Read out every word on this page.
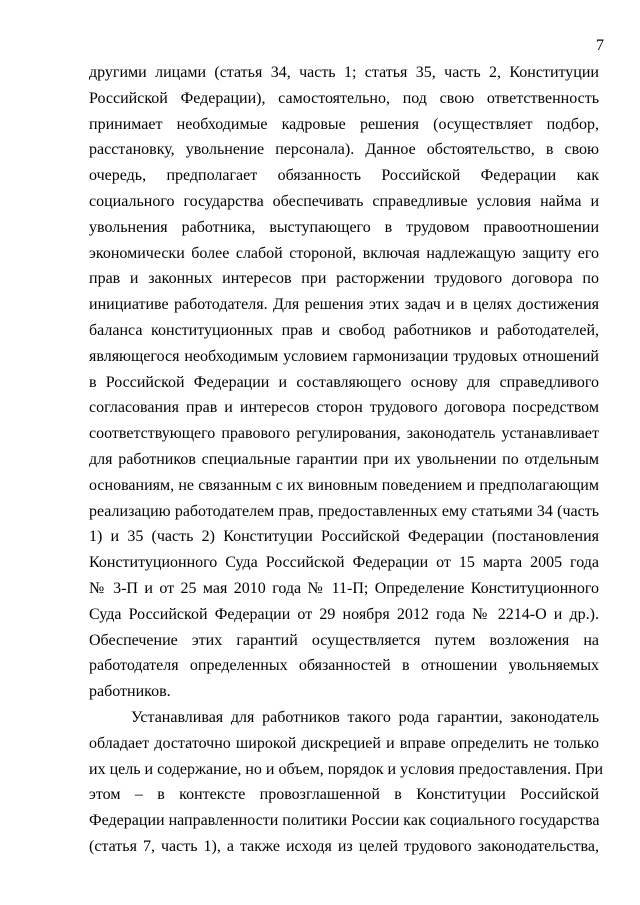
7
другими лицами (статья 34, часть 1; статья 35, часть 2, Конституции
Российской Федерации), самостоятельно, под свою ответственность
принимает необходимые кадровые решения (осуществляет подбор,
расстановку, увольнение персонала). Данное обстоятельство, в свою
очередь, предполагает обязанность Российской Федерации как
социального государства обеспечивать справедливые условия найма и
увольнения работника, выступающего в трудовом правоотношении
экономически более слабой стороной, включая надлежащую защиту его
прав и законных интересов при расторжении трудового договора по
инициативе работодателя. Для решения этих задач и в целях достижения
баланса конституционных прав и свобод работников и работодателей,
являющегося необходимым условием гармонизации трудовых отношений
в Российской Федерации и составляющего основу для справедливого
согласования прав и интересов сторон трудового договора посредством
соответствующего правового регулирования, законодатель устанавливает
для работников специальные гарантии при их увольнении по отдельным
основаниям, не связанным с их виновным поведением и предполагающим
реализацию работодателем прав, предоставленных ему статьями 34 (часть
1) и 35 (часть 2) Конституции Российской Федерации (постановления
Конституционного Суда Российской Федерации от 15 марта 2005 года
№ 3-П и от 25 мая 2010 года № 11-П; Определение Конституционного
Суда Российской Федерации от 29 ноября 2012 года № 2214-О и др.).
Обеспечение этих гарантий осуществляется путем возложения на
работодателя определенных обязанностей в отношении увольняемых
работников.
Устанавливая для работников такого рода гарантии, законодатель
обладает достаточно широкой дискрецией и вправе определить не только
их цель и содержание, но и объем, порядок и условия предоставления. При
этом – в контексте провозглашенной в Конституции Российской
Федерации направленности политики России как социального государства
(статья 7, часть 1), а также исходя из целей трудового законодательства,
